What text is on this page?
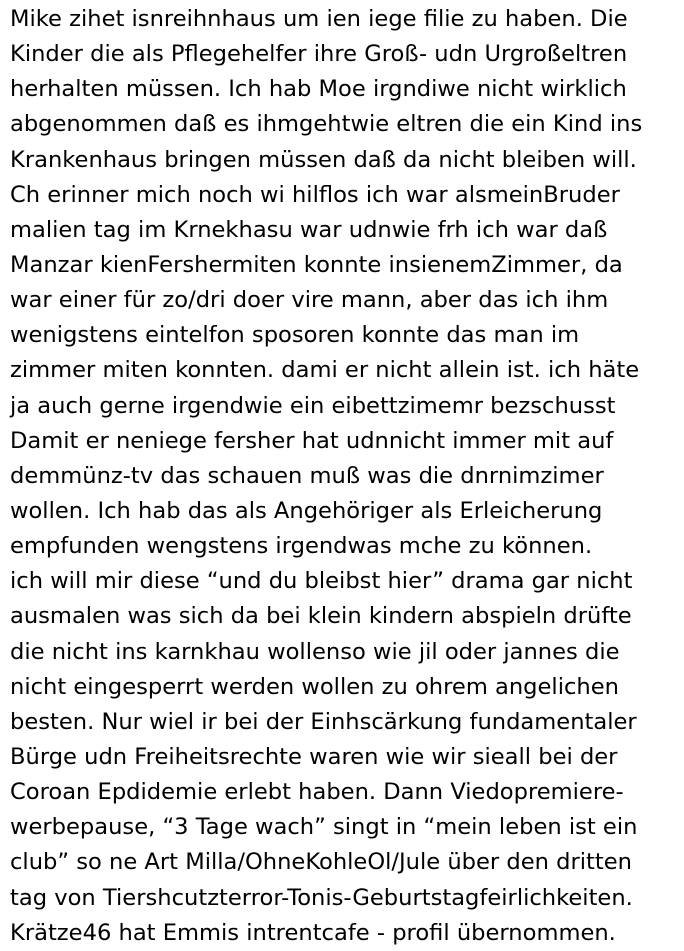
Mike zihet isnreihnhaus um ien iege filie zu haben. Die
Kinder die als Pflegehelfer ihre Groß- udn Urgroßeltren
herhalten müssen. Ich hab Moe irgndiwe nicht wirklich
abgenommen daß es ihmgehtwie eltren die ein Kind ins
Krankenhaus bringen müssen daß da nicht bleiben will.
Ch erinner mich noch wi hilflos ich war alsmeinBruder
malien tag im Krnekhasu war udnwie frh ich war daß
Manzar kienFershermiten konnte insienemZimmer, da
war einer für zo/dri doer vire mann, aber das ich ihm
wenigstens eintelfon sposoren konnte das man im
zimmer miten konnten. dami er nicht allein ist. ich häte
ja auch gerne irgendwie ein eibettzimemr bezschusst
Damit er neniege fersher hat udnnicht immer mit auf
demmünz-tv das schauen muß was die dnrnimzimer
wollen. Ich hab das als Angehöriger als Erleicherung
empfunden wengstens irgendwas mche zu können.
ich will mir diese “und du bleibst hier” drama gar nicht
ausmalen was sich da bei klein kindern abspieln drüfte
die nicht ins karnkhau wollenso wie jil oder jannes die
nicht eingesperrt werden wollen zu ohrem angelichen
besten. Nur wiel ir bei der Einhscärkung fundamentaler
Bürge udn Freiheitsrechte waren wie wir sieall bei der
Coroan Epdidemie erlebt haben. Dann Viedopremiere-
werbepause, “3 Tage wach” singt in “mein leben ist ein
club” so ne Art Milla/OhneKohleOl/Jule über den dritten
tag von Tiershcutzterror-Tonis-Geburtstagfeirlichkeiten.
Krätze46 hat Emmis intrentcafe - profil übernommen.
